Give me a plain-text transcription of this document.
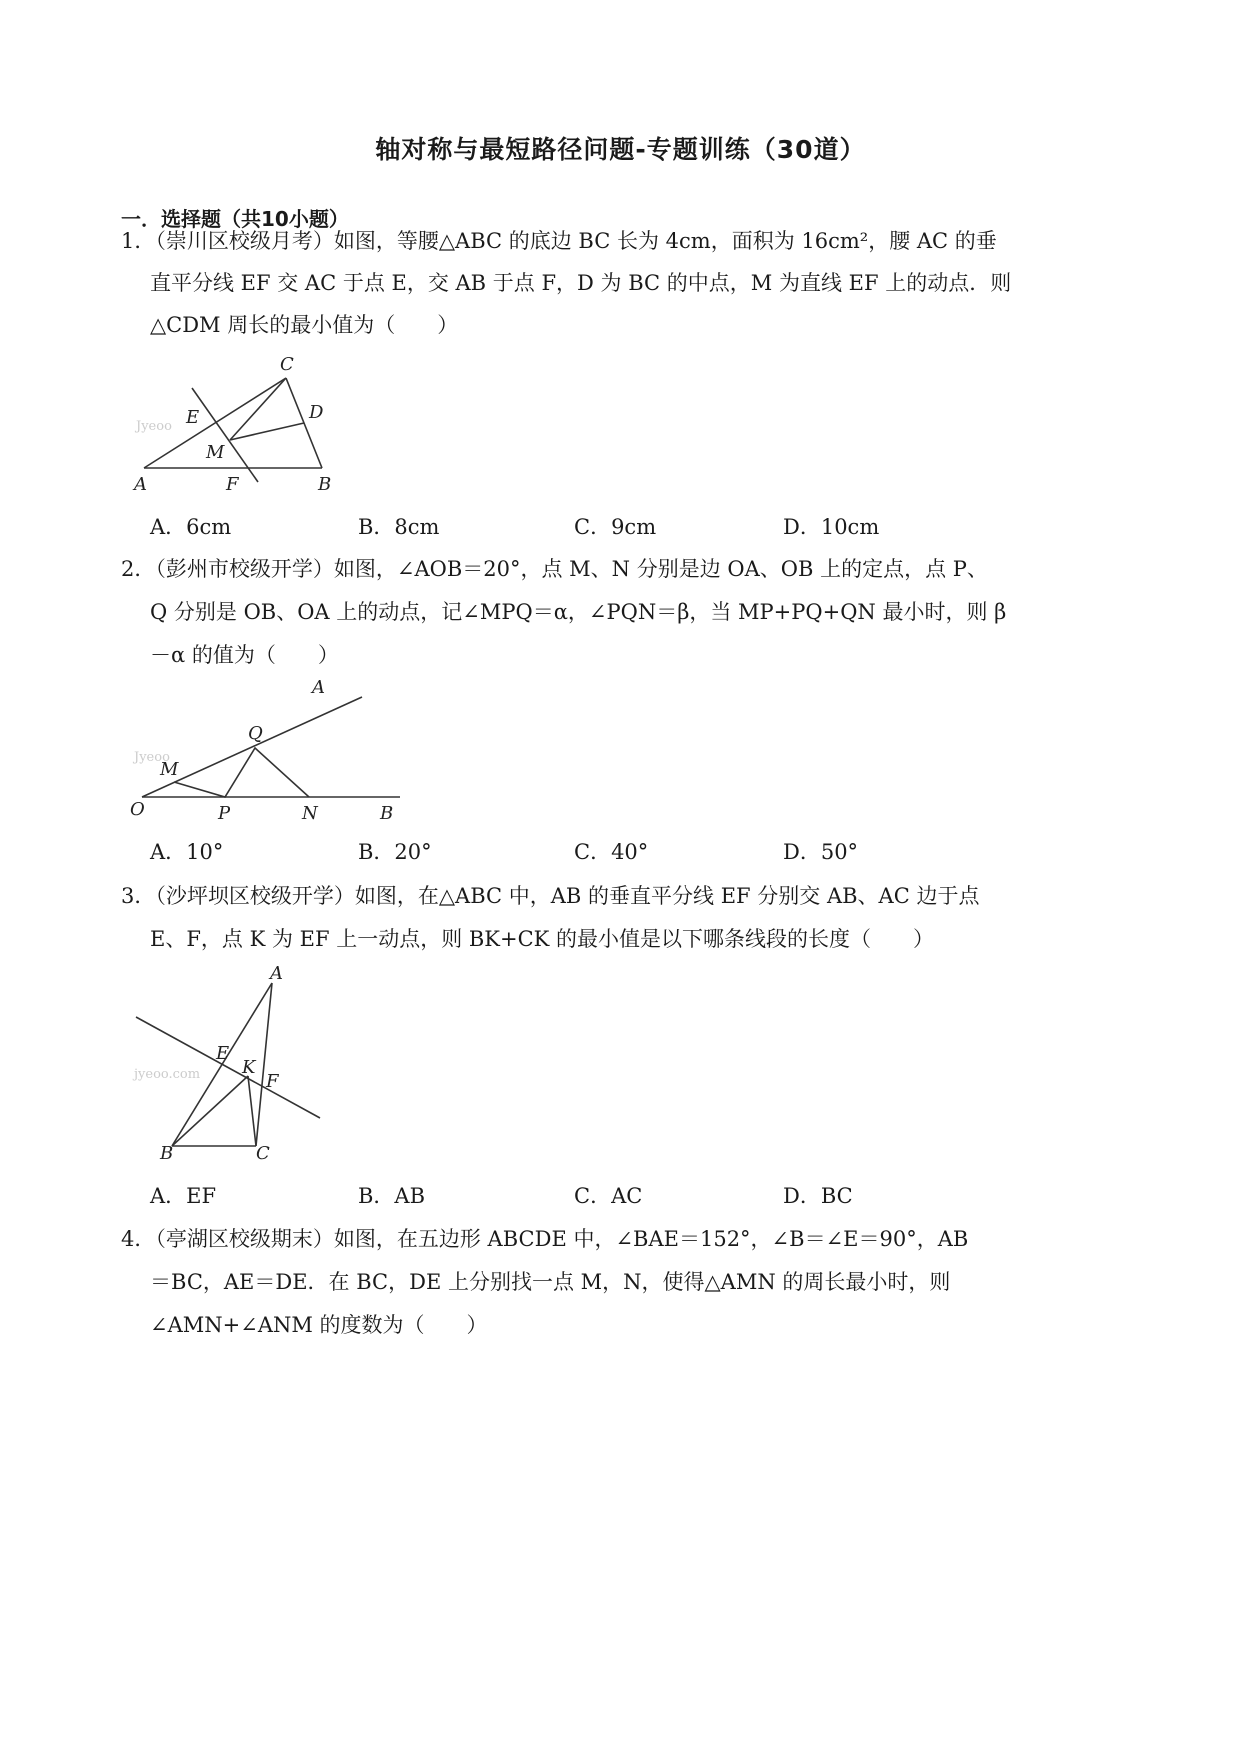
轴对称与最短路径问题-专题训练（30道）
一．选择题（共10小题）
1．（崇川区校级月考）如图，等腰△ABC 的底边 BC 长为 4cm，面积为 16cm²，腰 AC 的垂
直平分线 EF 交 AC 于点 E，交 AB 于点 F，D 为 BC 的中点，M 为直线 EF 上的动点．则
△CDM 周长的最小值为（　　）
Jyeoo
A	B
C
D
E
F
M
A．6cm	B．8cm	C．9cm	D．10cm
2．（彭州市校级开学）如图，∠AOB＝20°，点 M、N 分别是边 OA、OB 上的定点，点 P、
Q 分别是 OB、OA 上的动点，记∠MPQ＝α，∠PQN＝β，当 MP+PQ+QN 最小时，则 β
－α 的值为（　　）
Jyeoo
A
B
O
M
P
Q
N
A．10°	B．20°	C．40°	D．50°
3．（沙坪坝区校级开学）如图，在△ABC 中，AB 的垂直平分线 EF 分别交 AB、AC 边于点
E、F，点 K 为 EF 上一动点，则 BK+CK 的最小值是以下哪条线段的长度（　　）
jyeoo.com
A
B	C
E
F
K
A．EF	B．AB	C．AC	D．BC
4．（亭湖区校级期末）如图，在五边形 ABCDE 中，∠BAE＝152°，∠B＝∠E＝90°，AB
＝BC，AE＝DE．在 BC，DE 上分别找一点 M，N，使得△AMN 的周长最小时，则
∠AMN+∠ANM 的度数为（　　）
